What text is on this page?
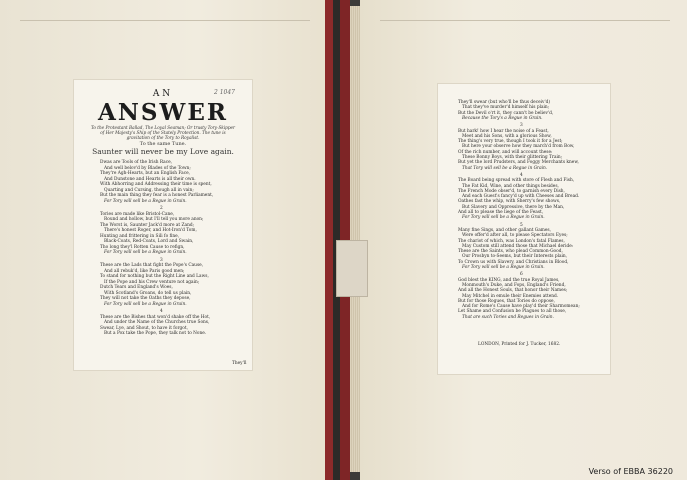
2 1047
AN
ANSWER
To the Protestant Ballad, The Loyal Seaman; Or trusty Tory-Skipper
of Her Majesty's Ship of the Stately Protection. The tune is
gravitation of the Tory to Royalist.
To the same Tune.
Saunter will never be my Love again.
Dwas are Tools of the Irish Race,
And well belov'd by Blades of the Town;
They're Agh-Hearts, but an English Face,
And Dunstone and Hearts is all their own.
With Abhorring and Addressing their time is spent,
Quarting and Cursing, though all in vain;
But the main thing they fear is a honest Parliament,
For Tory will sell be a Regue in Grain.
2
Tories are made like Bristol-Cane,
Round and hollow, but I'll tell you more anon;
The Worst is, Saunter Jack'd more at Zand;
There's honest Roger, and Hot-Iron'd Tom,
Hunting and frittering in Sili fo fine,
Black-Coats, Red-Coats, Lord and Swain,
Tho long they'l Rotten Cause to refign,
For Tory will sell be a Regue in Grain.
3
These are the Lads that fight the Pope's Cause,
And all rebuk'd, like Paris good men;
To stand for nothing but the Right Line and Laws,
If the Pope and his Crew venture not again;
Dutch Tears and England's Woes,
With Scotland's Groans, do tell us plain,
They will not take the Oaths they depose,
For Tory will sell be a Regue in Grain.
4
These are the Bishes that won'd shake off the Hot,
And under the Name of the Churches true Sons,
Swear, Lye, and Shout, to have it forgot,
But a Pox take the Pope, they talk not to None.
They'll
They'll swear (but who'll be thus deceiv'd)
That they've murder'd himself his plain;
But the Devil o'rt it, they cann't be believ'd,
Because the Tory's a Regue in Grain.
3
But hark! how I hear the noise of a Feast,
Meet and his Sons, with a glorious Show,
The thing's very true, though I took it for a Jest;
But here your observe how they march'd from Bow,
Of the rich number, and will account these:
These Bonny Boys, with their glittering Train;
But yet the lord Prudsters, and Foggy Merchants knew,
That Tory will sell be a Regue in Grain.
4
The Board being spread with store of Flesh and Fish,
The Fat Kid, Wine, and other things besides,
The French Mode obser'd, to garnish every Dish,
And each Guest's fancy'd up with Cheeses and Bread.
Oathes fast the whip, with Sherry's few shows,
But Slavery and Oppressive, there by the Man,
And all to please the liege of the Feast,
For Tory will sell be a Regue in Grain.
5
Many fine Sings, and other gallant Games,
Were offer'd after all, to please Spectators Eyes;
The chariot of which, was London's fatal Flames,
May Custom still attend those that Michael deride:
These are the Saints, who plead Common-Good,
Our Prosbyn to-Seems, but their Interests plain,
To Crown us with Slavery, and Christians in Blood,
For Tory will sell be a Regue in Grain.
6
God blest the KING, and the true Royal James,
Monmouth's Duke, and Fops, England's Friend,
And all the Honest Souls, that honor their Names;
May Mitchel in emule their Enemies attend.
But for those Rogues, that Tories do oppose,
And for Rome's Cause have play'd their Sharmomean;
Let Shame and Confusion be Plagues to all those,
That are such Tories and Regues in Grain.
LONDON, Printed for J. Tucker, 1682.
Verso of EBBA 36220
